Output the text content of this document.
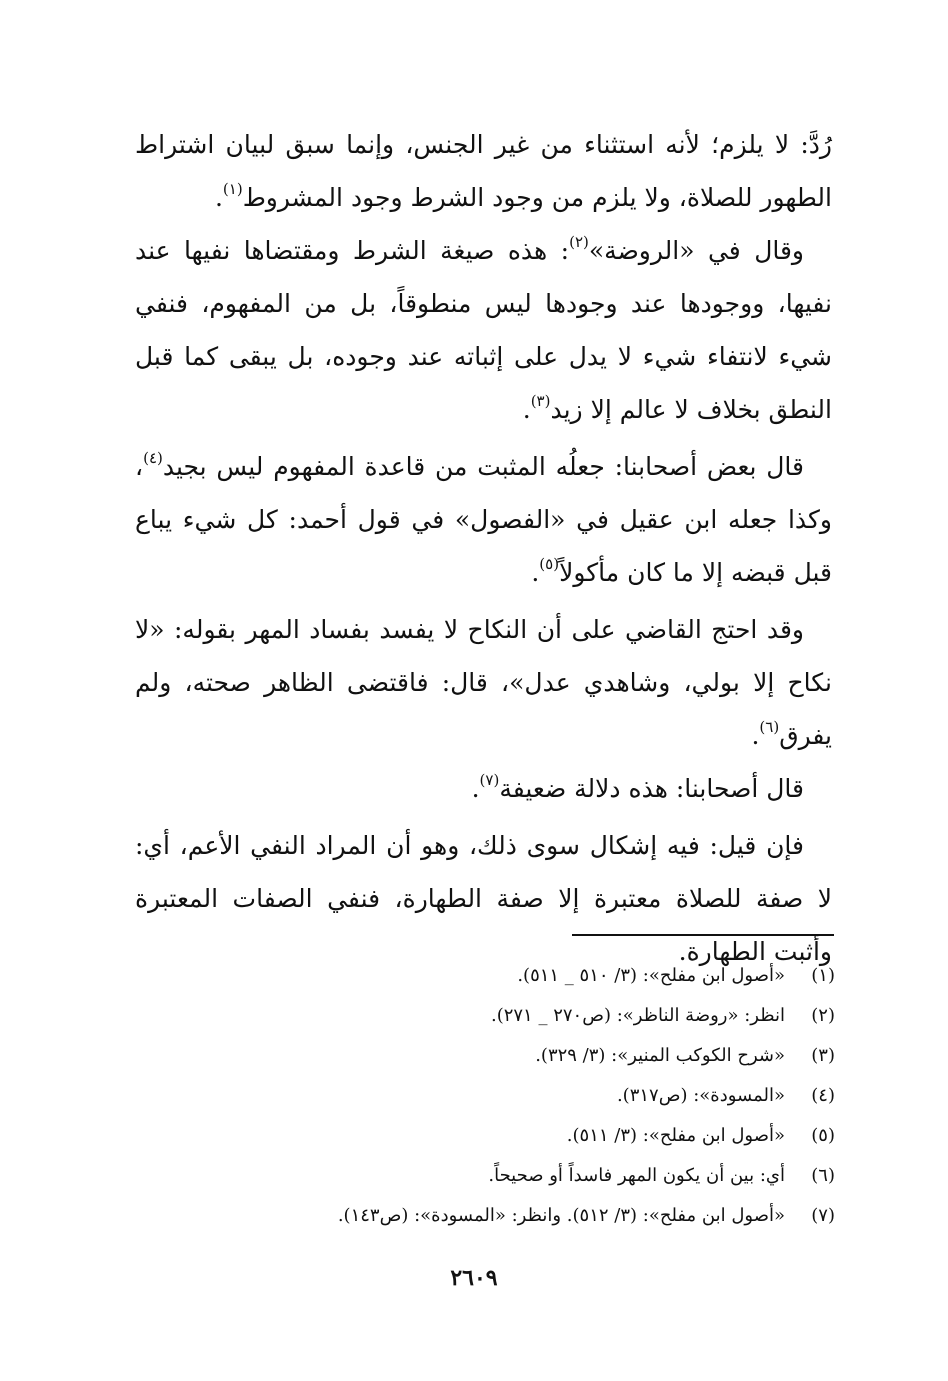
رُدَّ: لا يلزم؛ لأنه استثناء من غير الجنس، وإنما سبق لبيان اشتراط الطهور للصلاة، ولا يلزم من وجود الشرط وجود المشروط$^{(١)}$.

وقال في «الروضة»$^{(٢)}$: هذه صيغة الشرط ومقتضاها نفيها عند نفيها، ووجودها عند وجودها ليس منطوقاً، بل من المفهوم، فنفي شيء لانتفاء شيء لا يدل على إثباته عند وجوده، بل يبقى كما قبل النطق بخلاف لا عالم إلا زيد$^{(٣)}$.

قال بعض أصحابنا: جعلُه المثبت من قاعدة المفهوم ليس بجيد$^{(٤)}$، وكذا جعله ابن عقيل في «الفصول» في قول أحمد: كل شيء يباع قبل قبضه إلا ما كان مأكولاً$^{(٥)}$.

وقد احتج القاضي على أن النكاح لا يفسد بفساد المهر بقوله: «لا نكاح إلا بولي، وشاهدي عدل»، قال: فاقتضى الظاهر صحته، ولم يفرق$^{(٦)}$.

قال أصحابنا: هذه دلالة ضعيفة$^{(٧)}$.

فإن قيل: فيه إشكال سوى ذلك، وهو أن المراد النفي الأعم، أي: لا صفة للصلاة معتبرة إلا صفة الطهارة، فنفي الصفات المعتبرة وأثبت الطهارة.

(١)
«أصول ابن مفلح»: (٣/ ٥١٠ _ ٥١١).
(٢)
انظر: «روضة الناظر»: (ص٢٧٠ _ ٢٧١).
(٣)
«شرح الكوكب المنير»: (٣/ ٣٢٩).
(٤)
«المسودة»: (ص٣١٧).
(٥)
«أصول ابن مفلح»: (٣/ ٥١١).
(٦)
أي: بين أن يكون المهر فاسداً أو صحيحاً.
(٧)
«أصول ابن مفلح»: (٣/ ٥١٢). وانظر: «المسودة»: (ص١٤٣).
٢٦٠٩
